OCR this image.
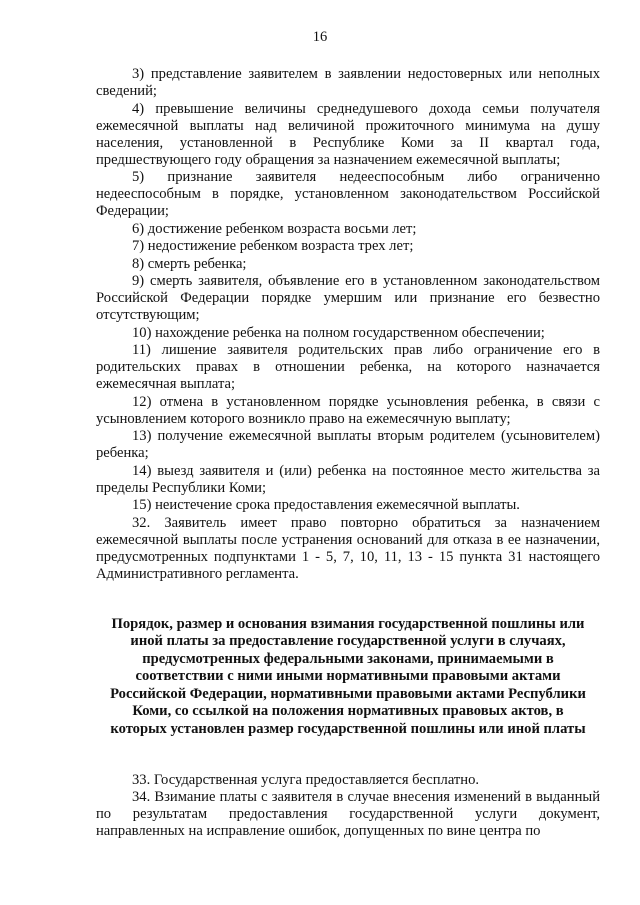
16

3) представление заявителем в заявлении недостоверных или неполных сведений;

4) превышение величины среднедушевого дохода семьи получателя ежемесячной выплаты над величиной прожиточного минимума на душу населения, установленной в Республике Коми за II квартал года, предшествующего году обращения за назначением ежемесячной выплаты;

5) признание заявителя недееспособным либо ограниченно недееспособным в порядке, установленном законодательством Российской Федерации;

6) достижение ребенком возраста восьми лет;

7) недостижение ребенком возраста трех лет;

8) смерть ребенка;

9) смерть заявителя, объявление его в установленном законодательством Российской Федерации порядке умершим или признание его безвестно отсутствующим;

10) нахождение ребенка на полном государственном обеспечении;

11) лишение заявителя родительских прав либо ограничение его в родительских правах в отношении ребенка, на которого назначается ежемесячная выплата;

12) отмена в установленном порядке усыновления ребенка, в связи с усыновлением которого возникло право на ежемесячную выплату;

13) получение ежемесячной выплаты вторым родителем (усыновителем) ребенка;

14) выезд заявителя и (или) ребенка на постоянное место жительства за пределы Республики Коми;

15) неистечение срока предоставления ежемесячной выплаты.

32. Заявитель имеет право повторно обратиться за назначением ежемесячной выплаты после устранения оснований для отказа в ее назначении, предусмотренных подпунктами 1 - 5, 7, 10, 11, 13 - 15 пункта 31 настоящего Административного регламента.

Порядок, размер и основания взимания государственной пошлины или
иной платы за предоставление государственной услуги в случаях,
предусмотренных федеральными законами, принимаемыми в
соответствии с ними иными нормативными правовыми актами
Российской Федерации, нормативными правовыми актами Республики
Коми, со ссылкой на положения нормативных правовых актов, в
которых установлен размер государственной пошлины или иной платы

33. Государственная услуга предоставляется бесплатно.

34. Взимание платы с заявителя в случае внесения изменений в выданный по результатам предоставления государственной услуги документ, направленных на исправление ошибок, допущенных по вине центра по
